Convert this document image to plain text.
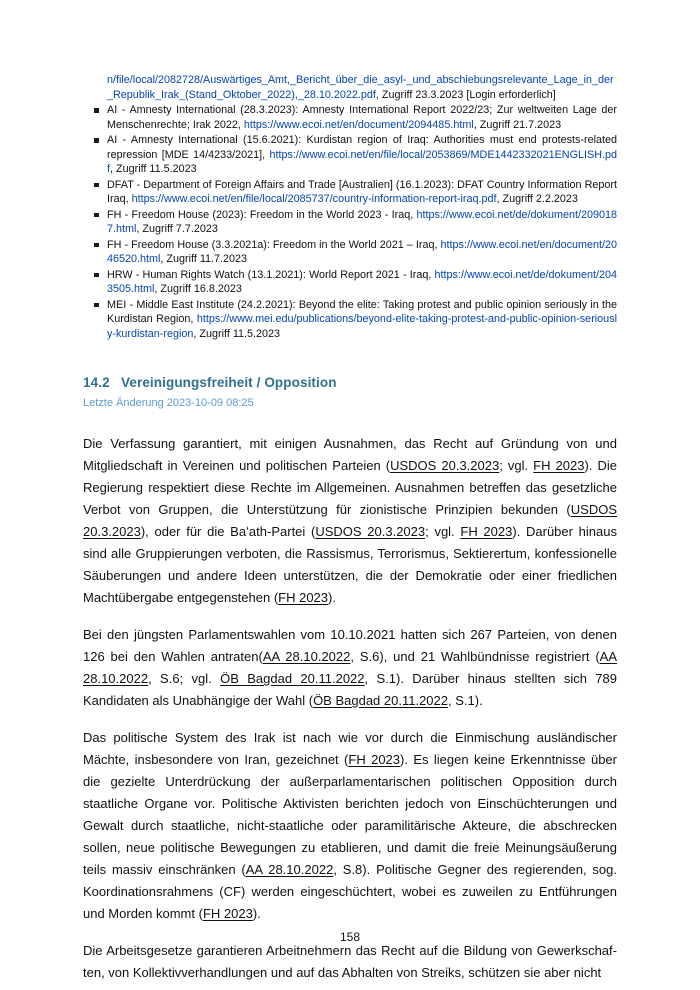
n/file/local/2082728/Auswärtiges_Amt,_Bericht_über_die_asyl-_und_abschiebungsrelevante_Lage_in_der_Republik_Irak_(Stand_Oktober_2022),_28.10.2022.pdf, Zugriff 23.3.2023 [Login erforderlich]
AI - Amnesty International (28.3.2023): Amnesty International Report 2022/23; Zur weltweiten Lage der Menschenrechte; Irak 2022, https://www.ecoi.net/en/document/2094485.html, Zugriff 21.7.2023
AI - Amnesty International (15.6.2021): Kurdistan region of Iraq: Authorities must end protests-related repression [MDE 14/4233/2021], https://www.ecoi.net/en/file/local/2053869/MDE1442332021ENGLISH.pdf, Zugriff 11.5.2023
DFAT - Department of Foreign Affairs and Trade [Australien] (16.1.2023): DFAT Country Information Report Iraq, https://www.ecoi.net/en/file/local/2085737/country-information-report-iraq.pdf, Zugriff 2.2.2023
FH - Freedom House (2023): Freedom in the World 2023 - Iraq, https://www.ecoi.net/de/dokument/2090187.html, Zugriff 7.7.2023
FH - Freedom House (3.3.2021a): Freedom in the World 2021 – Iraq, https://www.ecoi.net/en/document/2046520.html, Zugriff 11.7.2023
HRW - Human Rights Watch (13.1.2021): World Report 2021 - Iraq, https://www.ecoi.net/de/dokument/2043505.html, Zugriff 16.8.2023
MEI - Middle East Institute (24.2.2021): Beyond the elite: Taking protest and public opinion seriously in the Kurdistan Region, https://www.mei.edu/publications/beyond-elite-taking-protest-and-public-opinion-seriously-kurdistan-region, Zugriff 11.5.2023
14.2 Vereinigungsfreiheit / Opposition
Letzte Änderung 2023-10-09 08:25

Die Verfassung garantiert, mit einigen Ausnahmen, das Recht auf Gründung von und Mitgliedschaft in Vereinen und politischen Parteien (USDOS 20.3.2023; vgl. FH 2023). Die Regierung respektiert diese Rechte im Allgemeinen. Ausnahmen betreffen das gesetzliche Verbot von Gruppen, die Unterstützung für zionistische Prinzipien bekunden (USDOS 20.3.2023), oder für die Baʻath-Partei (USDOS 20.3.2023; vgl. FH 2023). Darüber hinaus sind alle Gruppierungen verboten, die Rassismus, Terrorismus, Sektierertum, konfessionelle Säuberungen und andere Ideen unterstützen, die der Demokratie oder einer friedlichen Machtübergabe entgegenstehen (FH 2023).

Bei den jüngsten Parlamentswahlen vom 10.10.2021 hatten sich 267 Parteien, von denen 126 bei den Wahlen antraten(AA 28.10.2022, S.6), und 21 Wahlbündnisse registriert (AA 28.10.2022, S.6; vgl. ÖB Bagdad 20.11.2022, S.1). Darüber hinaus stellten sich 789 Kandidaten als Unabhängige der Wahl (ÖB Bagdad 20.11.2022, S.1).

Das politische System des Irak ist nach wie vor durch die Einmischung ausländischer Mächte, insbesondere von Iran, gezeichnet (FH 2023). Es liegen keine Erkenntnisse über die gezielte Unterdrückung der außerparlamentarischen politischen Opposition durch staatliche Organe vor. Politische Aktivisten berichten jedoch von Einschüchterungen und Gewalt durch staatliche, nicht-staatliche oder paramilitärische Akteure, die abschrecken sollen, neue politische Bewegungen zu etablieren, und damit die freie Meinungsäußerung teils massiv einschränken (AA 28.10.2022, S.8). Politische Gegner des regierenden, sog. Koordinationsrahmens (CF) werden eingeschüchtert, wobei es zuweilen zu Entführungen und Morden kommt (FH 2023).

Die Arbeitsgesetze garantieren Arbeitnehmern das Recht auf die Bildung von Gewerkschaften, von Kollektivverhandlungen und auf das Abhalten von Streiks, schützen sie aber nicht

158
